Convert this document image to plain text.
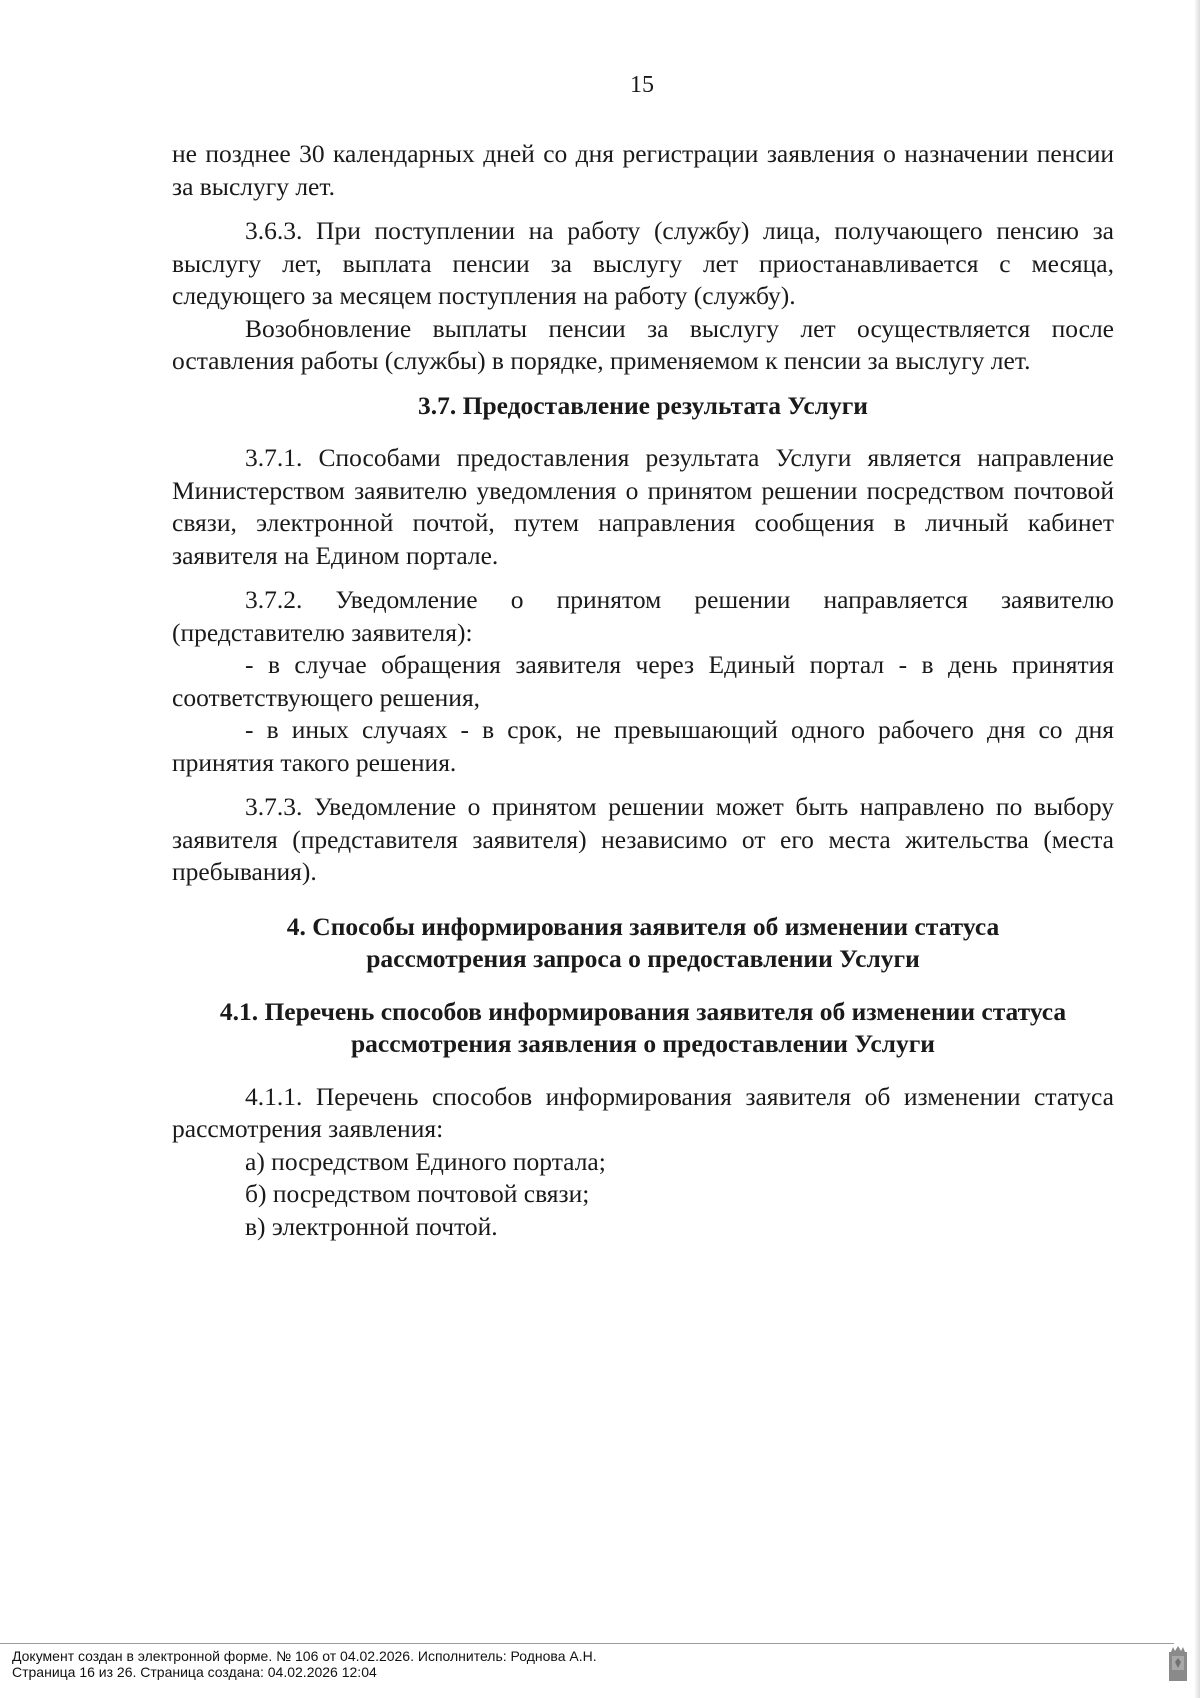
15

не позднее 30 календарных дней со дня регистрации заявления о назначении пенсии за выслугу лет.

3.6.3. При поступлении на работу (службу) лица, получающего пенсию за выслугу лет, выплата пенсии за выслугу лет приостанавливается с месяца, следующего за месяцем поступления на работу (службу).

Возобновление выплаты пенсии за выслугу лет осуществляется после оставления работы (службы) в порядке, применяемом к пенсии за выслугу лет.

3.7. Предоставление результата Услуги

3.7.1. Способами предоставления результата Услуги является направление Министерством заявителю уведомления о принятом решении посредством почтовой связи, электронной почтой, путем направления сообщения в личный кабинет заявителя на Едином портале.

3.7.2. Уведомление о принятом решении направляется заявителю (представителю заявителя):

- в случае обращения заявителя через Единый портал - в день принятия соответствующего решения,

- в иных случаях - в срок, не превышающий одного рабочего дня со дня принятия такого решения.

3.7.3. Уведомление о принятом решении может быть направлено по выбору заявителя (представителя заявителя) независимо от его места жительства (места пребывания).

4. Способы информирования заявителя об изменении статуса рассмотрения запроса о предоставлении Услуги

4.1. Перечень способов информирования заявителя об изменении статуса рассмотрения заявления о предоставлении Услуги

4.1.1. Перечень способов информирования заявителя об изменении статуса рассмотрения заявления:

а) посредством Единого портала;

б) посредством почтовой связи;

в) электронной почтой.

Документ создан в электронной форме. № 106 от 04.02.2026. Исполнитель: Роднова А.Н.
Страница 16 из 26. Страница создана: 04.02.2026 12:04
